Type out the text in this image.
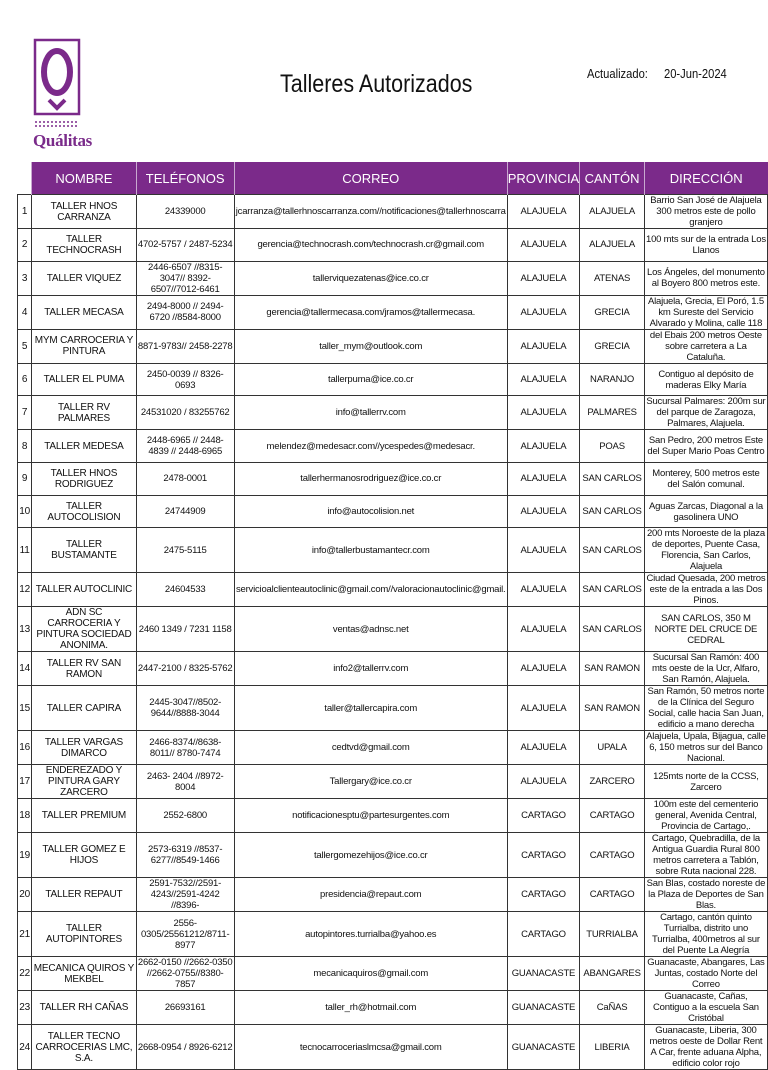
Quálitas
Talleres Autorizados	Actualizado: 20-Jun-2024
	NOMBRE	TELÉFONOS	CORREO	PROVINCIA	CANTÓN	DIRECCIÓN
1	TALLER HNOS CARRANZA	24339000	jcarranza@tallerhnoscarranza.com//notificaciones@tallerhnoscarra	ALAJUELA	ALAJUELA	Barrio San José de Alajuela 300 metros este de pollo granjero
2	TALLER TECHNOCRASH	4702-5757 / 2487-5234	gerencia@technocrash.com/technocrash.cr@gmail.com	ALAJUELA	ALAJUELA	100 mts sur de la entrada Los Llanos
3	TALLER VIQUEZ	2446-6507 //8315-3047// 8392-6507//7012-6461	tallerviquezatenas@ice.co.cr	ALAJUELA	ATENAS	Los Ángeles, del monumento al Boyero 800 metros este.
4	TALLER MECASA	2494-8000 // 2494-6720 //8584-8000	gerencia@tallermecasa.com/jramos@tallermecasa.	ALAJUELA	GRECIA	Alajuela, Grecia, El Poró, 1.5 km Sureste del Servicio Alvarado y Molina, calle 118
5	MYM CARROCERIA Y PINTURA	8871-9783// 2458-2278	taller_mym@outlook.com	ALAJUELA	GRECIA	del Ebais 200 metros Oeste sobre carretera a La Cataluña.
6	TALLER EL PUMA	2450-0039 // 8326-0693	tallerpuma@ice.co.cr	ALAJUELA	NARANJO	Contiguo al depósito de maderas Elky María
7	TALLER RV PALMARES	24531020 / 83255762	info@tallerrv.com	ALAJUELA	PALMARES	Sucursal Palmares: 200m sur del parque de Zaragoza, Palmares, Alajuela.
8	TALLER MEDESA	2448-6965 // 2448-4839 // 2448-6965	melendez@medesacr.com//ycespedes@medesacr.	ALAJUELA	POAS	San Pedro, 200 metros Este del Super Mario Poas Centro
9	TALLER HNOS RODRIGUEZ	2478-0001	tallerhermanosrodriguez@ice.co.cr	ALAJUELA	SAN CARLOS	Monterey, 500 metros este del Salón comunal.
10	TALLER AUTOCOLISION	24744909	info@autocolision.net	ALAJUELA	SAN CARLOS	Aguas Zarcas, Diagonal a la gasolinera UNO
11	TALLER BUSTAMANTE	2475-5115	info@tallerbustamantecr.com	ALAJUELA	SAN CARLOS	200 mts Noroeste de la plaza de deportes, Puente Casa, Florencia, San Carlos, Alajuela
12	TALLER AUTOCLINIC	24604533	servicioalclienteautoclinic@gmail.com//valoracionautoclinic@gmail.	ALAJUELA	SAN CARLOS	Ciudad Quesada, 200 metros este de la entrada a las Dos Pinos.
13	ADN SC CARROCERIA Y PINTURA SOCIEDAD ANONIMA.	2460 1349 / 7231 1158	ventas@adnsc.net	ALAJUELA	SAN CARLOS	SAN CARLOS, 350 M NORTE DEL CRUCE DE CEDRAL
14	TALLER RV SAN RAMON	2447-2100 / 8325-5762	info2@tallerrv.com	ALAJUELA	SAN RAMON	Sucursal San Ramón: 400 mts oeste de la Ucr, Alfaro, San Ramón, Alajuela.
15	TALLER CAPIRA	2445-3047//8502-9644//8888-3044	taller@tallercapira.com	ALAJUELA	SAN RAMON	San Ramón, 50 metros norte de la Clínica del Seguro Social, calle hacia San Juan, edificio a mano derecha
16	TALLER VARGAS DIMARCO	2466-8374//8638-8011// 8780-7474	cedtvd@gmail.com	ALAJUELA	UPALA	Alajuela, Upala, Bijagua, calle 6, 150 metros sur del Banco Nacional.
17	ENDEREZADO Y PINTURA GARY ZARCERO	2463- 2404 //8972-8004	Tallergary@ice.co.cr	ALAJUELA	ZARCERO	125mts norte de la CCSS, Zarcero
18	TALLER PREMIUM	2552-6800	notificacionesptu@partesurgentes.com	CARTAGO	CARTAGO	100m este del cementerio general, Avenida Central, Provincia de Cartago,.
19	TALLER GOMEZ E HIJOS	2573-6319 //8537-6277//8549-1466	tallergomezehijos@ice.co.cr	CARTAGO	CARTAGO	Cartago, Quebradilla, de la Antigua Guardia Rural 800 metros carretera a Tablón, sobre Ruta nacional 228.
20	TALLER REPAUT	2591-7532//2591-4243//2591-4242 //8396-	presidencia@repaut.com	CARTAGO	CARTAGO	San Blas, costado noreste de la Plaza de Deportes de San Blas.
21	TALLER AUTOPINTORES	2556-0305/25561212/8711-8977	autopintores.turrialba@yahoo.es	CARTAGO	TURRIALBA	Cartago, cantón quinto Turrialba, distrito uno Turrialba, 400metros al sur del Puente La Alegría
22	MECANICA QUIROS Y MEKBEL	2662-0150 //2662-0350 //2662-0755//8380-7857	mecanicaquiros@gmail.com	GUANACASTE	ABANGARES	Guanacaste, Abangares, Las Juntas, costado Norte del Correo
23	TALLER RH CAÑAS	26693161	taller_rh@hotmail.com	GUANACASTE	CaÑAS	Guanacaste, Cañas, Contiguo a la escuela San Cristóbal
24	TALLER TECNO CARROCERIAS LMC, S.A.	2668-0954 / 8926-6212	tecnocarroceriaslmcsa@gmail.com	GUANACASTE	LIBERIA	Guanacaste, Liberia, 300 metros oeste de Dollar Rent A Car, frente aduana Alpha, edificio color rojo
